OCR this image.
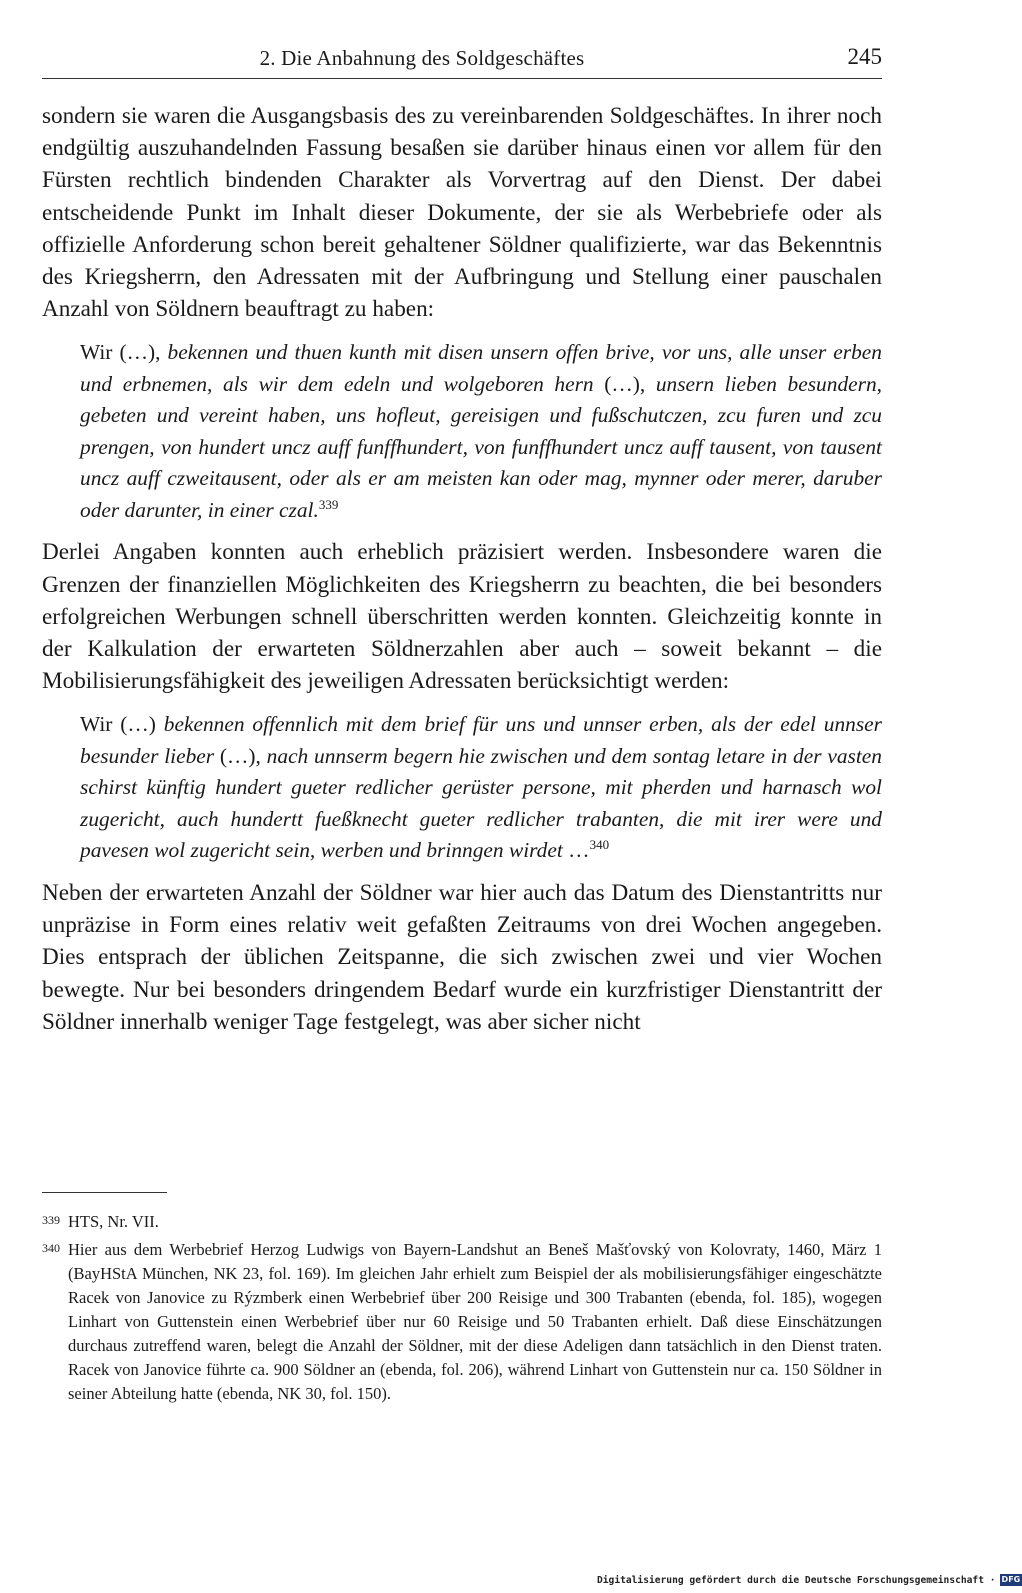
2. Die Anbahnung des Soldgeschäftes	245

sondern sie waren die Ausgangsbasis des zu vereinbarenden Soldgeschäftes. In ihrer noch endgültig auszuhandelnden Fassung besaßen sie darüber hinaus einen vor allem für den Fürsten rechtlich bindenden Charakter als Vorvertrag auf den Dienst. Der dabei entscheidende Punkt im Inhalt dieser Dokumente, der sie als Werbebriefe oder als offizielle Anforderung schon bereit gehaltener Söldner qualifizierte, war das Bekenntnis des Kriegsherrn, den Adressaten mit der Aufbringung und Stellung einer pauschalen Anzahl von Söldnern beauftragt zu haben:

Wir (…), bekennen und thuen kunth mit disen unsern offen brive, vor uns, alle unser erben und erbnemen, als wir dem edeln und wolgeboren hern (…), unsern lieben besundern, gebeten und vereint haben, uns hofleut, gereisigen und fußschutczen, zcu furen und zcu prengen, von hundert uncz auff funffhundert, von funffhundert uncz auff tausent, von tausent uncz auff czweitausent, oder als er am meisten kan oder mag, mynner oder merer, daruber oder darunter, in einer czal.$^{339}$

Derlei Angaben konnten auch erheblich präzisiert werden. Insbesondere waren die Grenzen der finanziellen Möglichkeiten des Kriegsherrn zu beachten, die bei besonders erfolgreichen Werbungen schnell überschritten werden konnten. Gleichzeitig konnte in der Kalkulation der erwarteten Söldnerzahlen aber auch – soweit bekannt – die Mobilisierungsfähigkeit des jeweiligen Adressaten berücksichtigt werden:

Wir (…) bekennen offennlich mit dem brief für uns und unnser erben, als der edel unnser besunder lieber (…), nach unnserm begern hie zwischen und dem sontag letare in der vasten schirst künftig hundert gueter redlicher gerüster persone, mit pherden und harnasch wol zugericht, auch hundertt fueßknecht gueter redlicher trabanten, die mit irer were und pavesen wol zugericht sein, werben und brinngen wirdet …$^{340}$

Neben der erwarteten Anzahl der Söldner war hier auch das Datum des Dienstantritts nur unpräzise in Form eines relativ weit gefaßten Zeitraums von drei Wochen angegeben. Dies entsprach der üblichen Zeitspanne, die sich zwischen zwei und vier Wochen bewegte. Nur bei besonders dringendem Bedarf wurde ein kurzfristiger Dienstantritt der Söldner innerhalb weniger Tage festgelegt, was aber sicher nicht

339 HTS, Nr. VII.
340 Hier aus dem Werbebrief Herzog Ludwigs von Bayern-Landshut an Beneš Mašťovský von Kolovraty, 1460, März 1 (BayHStA München, NK 23, fol. 169). Im gleichen Jahr erhielt zum Beispiel der als mobilisierungsfähiger eingeschätzte Racek von Janovice zu Rýzmberk einen Werbebrief über 200 Reisige und 300 Trabanten (ebenda, fol. 185), wogegen Linhart von Guttenstein einen Werbebrief über nur 60 Reisige und 50 Trabanten erhielt. Daß diese Einschätzungen durchaus zutreffend waren, belegt die Anzahl der Söldner, mit der diese Adeligen dann tatsächlich in den Dienst traten. Racek von Janovice führte ca. 900 Söldner an (ebenda, fol. 206), während Linhart von Guttenstein nur ca. 150 Söldner in seiner Abteilung hatte (ebenda, NK 30, fol. 150).
Digitalisierung gefördert durch die Deutsche Forschungsgemeinschaft · DFG
